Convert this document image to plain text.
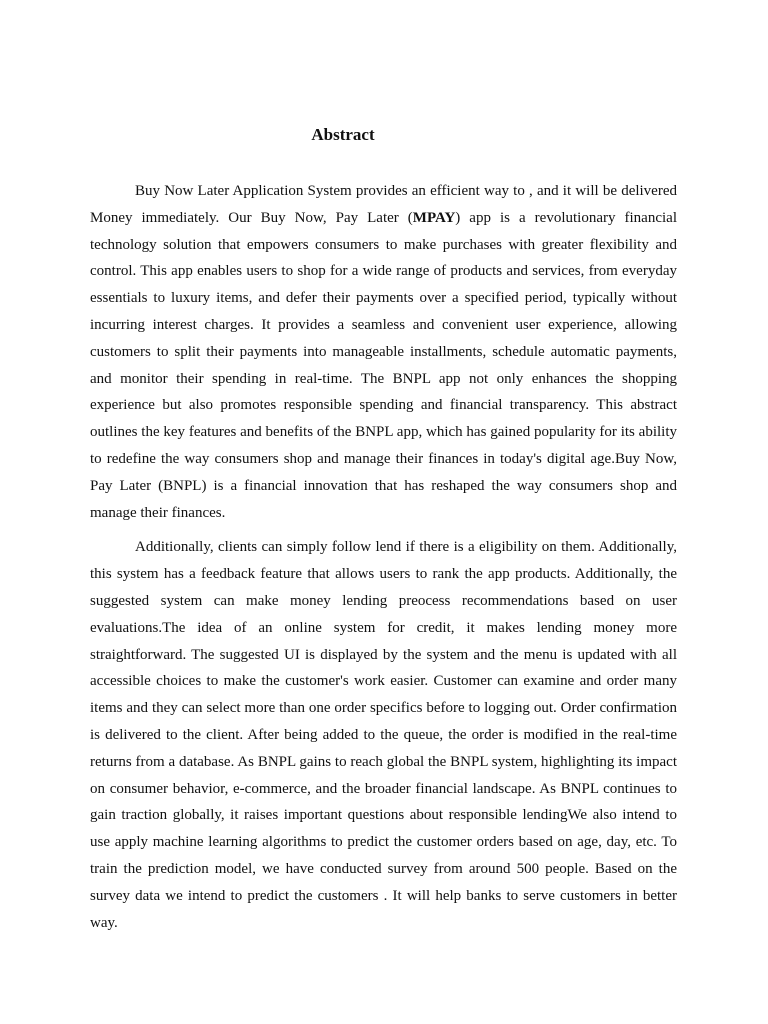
Abstract

Buy Now Later Application System provides an efficient way to , and it will be delivered Money immediately. Our Buy Now, Pay Later (MPAY) app is a revolutionary financial technology solution that empowers consumers to make purchases with greater flexibility and control. This app enables users to shop for a wide range of products and services, from everyday essentials to luxury items, and defer their payments over a specified period, typically without incurring interest charges. It provides a seamless and convenient user experience, allowing customers to split their payments into manageable installments, schedule automatic payments, and monitor their spending in real-time. The BNPL app not only enhances the shopping experience but also promotes responsible spending and financial transparency. This abstract outlines the key features and benefits of the BNPL app, which has gained popularity for its ability to redefine the way consumers shop and manage their finances in today's digital age.Buy Now, Pay Later (BNPL) is a financial innovation that has reshaped the way consumers shop and manage their finances.

Additionally, clients can simply follow lend if there is a eligibility on them. Additionally, this system has a feedback feature that allows users to rank the app products. Additionally, the suggested system can make money lending preocess recommendations based on user evaluations.The idea of an online system for credit, it makes lending money more straightforward. The suggested UI is displayed by the system and the menu is updated with all accessible choices to make the customer's work easier. Customer can examine and order many items and they can select more than one order specifics before to logging out. Order confirmation is delivered to the client. After being added to the queue, the order is modified in the real-time returns from a database. As BNPL gains to reach global the BNPL system, highlighting its impact on consumer behavior, e-commerce, and the broader financial landscape. As BNPL continues to gain traction globally, it raises important questions about responsible lendingWe also intend to use apply machine learning algorithms to predict the customer orders based on age, day, etc. To train the prediction model, we have conducted survey from around 500 people. Based on the survey data we intend to predict the customers . It will help banks to serve customers in better way.
